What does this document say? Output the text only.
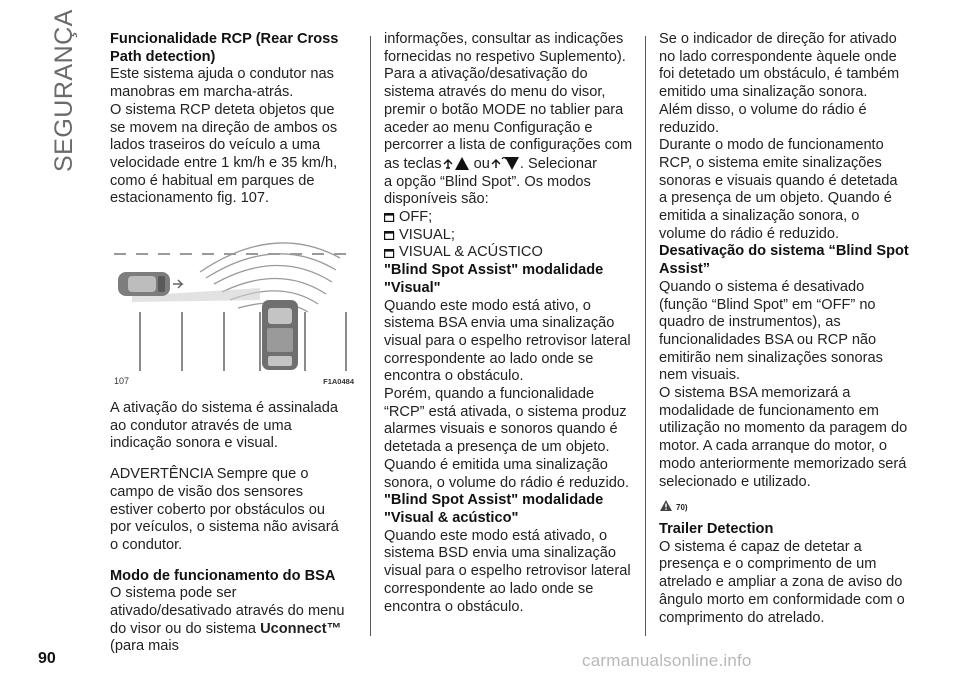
SEGURANÇA Funcionalidade RCP (Rear Cross Path detection)

Este sistema ajuda o condutor nas manobras em marcha-atrás.

O sistema RCP deteta objetos que se movem na direção de ambos os lados traseiros do veículo a uma velocidade entre 1 km/h e 35 km/h, como é habitual em parques de estacionamento fig. 107.

107	F1A0484

A ativação do sistema é assinalada ao condutor através de uma indicação sonora e visual.

ADVERTÊNCIA Sempre que o campo de visão dos sensores estiver coberto por obstáculos ou por veículos, o sistema não avisará o condutor.

Modo de funcionamento do BSA

O sistema pode ser ativado/desativado através do menu do visor ou do sistema Uconnect™ (para mais

informações, consultar as indicações fornecidas no respetivo Suplemento). Para a ativação/desativação do sistema através do menu do visor, premir o botão MODE no tablier para aceder ao menu Configuração e percorrer a lista de configurações com

as teclas ou . Selecionar

a opção “Blind Spot”. Os modos disponíveis são:

OFF;
VISUAL;
VISUAL & ACÚSTICO
"Blind Spot Assist" modalidade "Visual"

Quando este modo está ativo, o sistema BSA envia uma sinalização visual para o espelho retrovisor lateral correspondente ao lado onde se encontra o obstáculo.

Porém, quando a funcionalidade “RCP” está ativada, o sistema produz alarmes visuais e sonoros quando é detetada a presença de um objeto.

Quando é emitida uma sinalização sonora, o volume do rádio é reduzido.

"Blind Spot Assist" modalidade "Visual & acústico"

Quando este modo está ativado, o sistema BSD envia uma sinalização visual para o espelho retrovisor lateral correspondente ao lado onde se encontra o obstáculo.

Se o indicador de direção for ativado no lado correspondente àquele onde foi detetado um obstáculo, é também emitido uma sinalização sonora.

Além disso, o volume do rádio é reduzido.

Durante o modo de funcionamento RCP, o sistema emite sinalizações sonoras e visuais quando é detetada a presença de um objeto. Quando é emitida a sinalização sonora, o volume do rádio é reduzido.

Desativação do sistema “Blind Spot Assist”

Quando o sistema é desativado (função “Blind Spot” em “OFF” no quadro de instrumentos), as funcionalidades BSA ou RCP não emitirão nem sinalizações sonoras nem visuais.

O sistema BSA memorizará a modalidade de funcionamento em utilização no momento da paragem do motor. A cada arranque do motor, o modo anteriormente memorizado será selecionado e utilizado.

70)
Trailer Detection

O sistema é capaz de detetar a presença e o comprimento de um atrelado e ampliar a zona de aviso do ângulo morto em conformidade com o comprimento do atrelado.

90	carmanualsonline.info
